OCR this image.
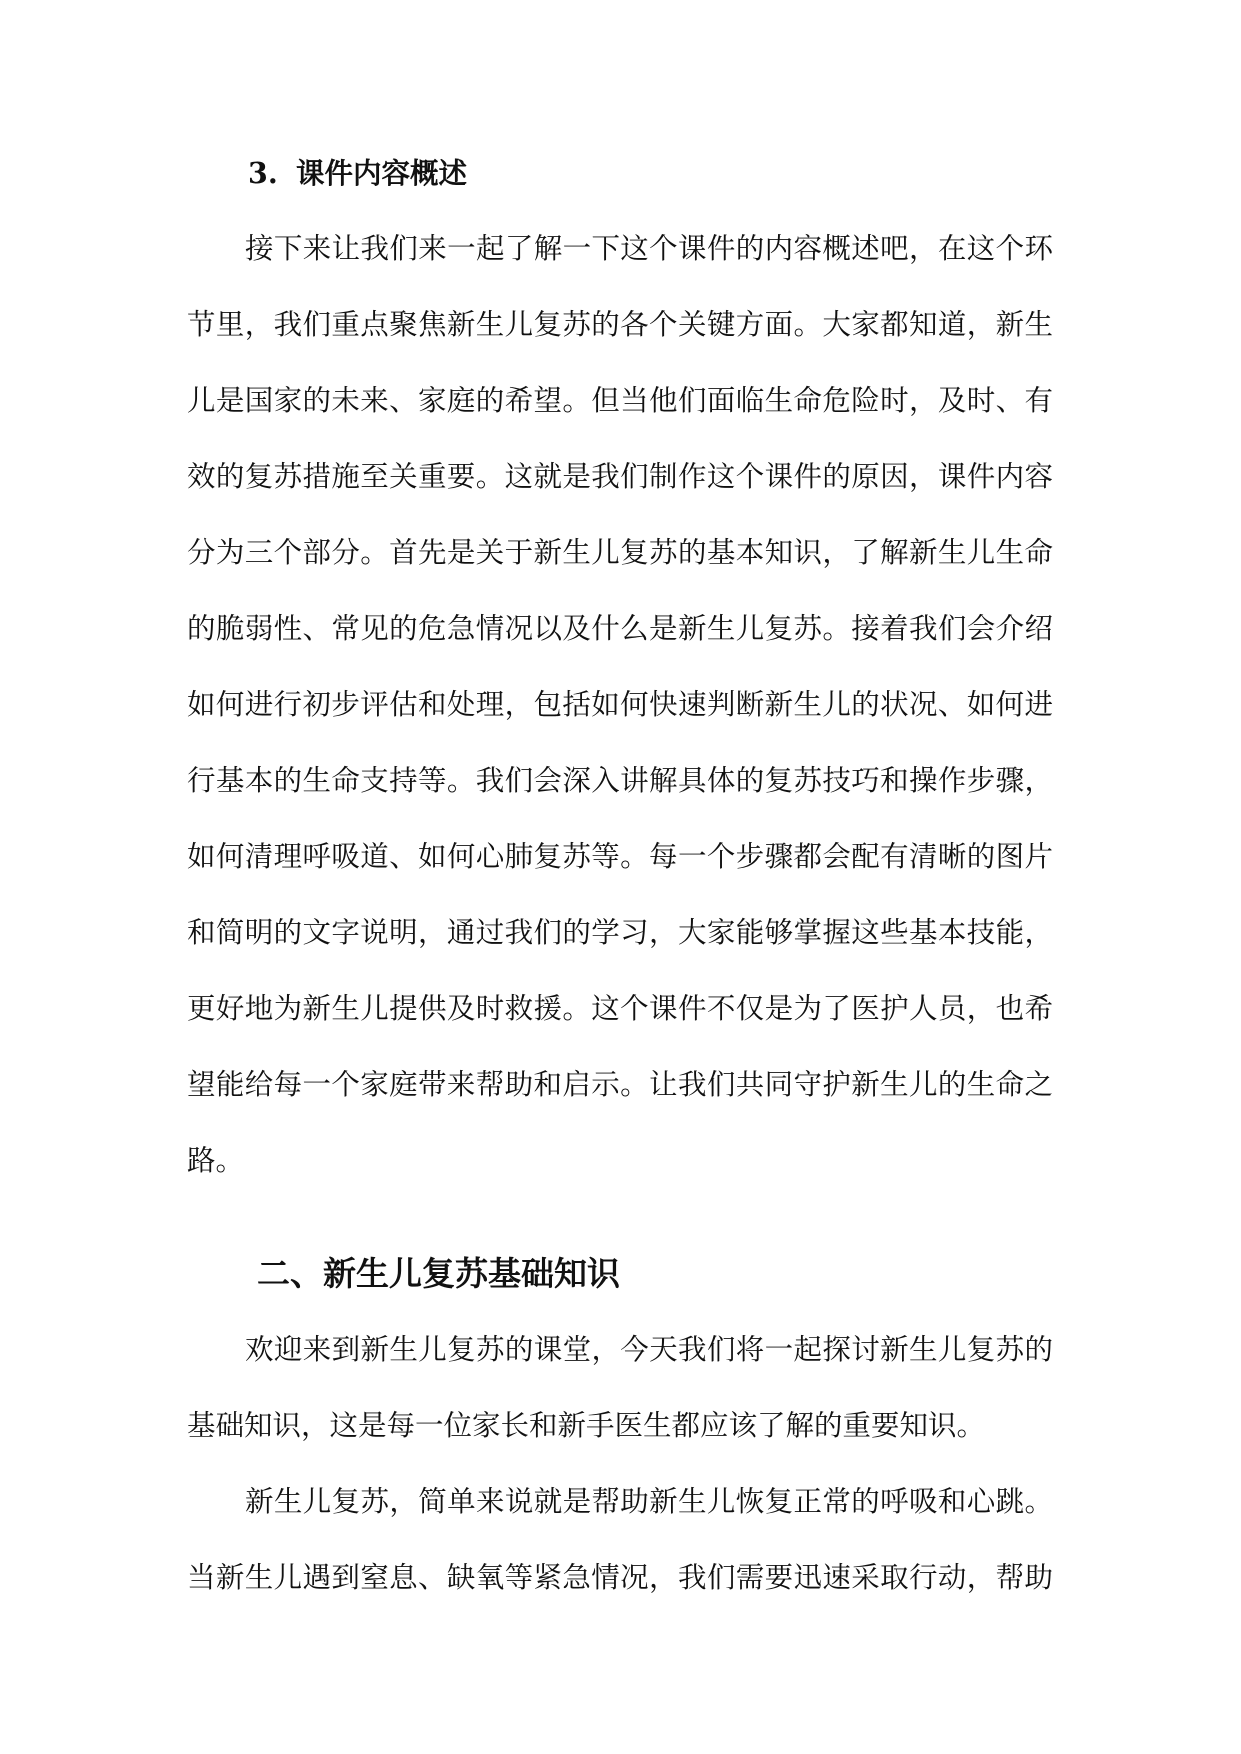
3. 课件内容概述
接下来让我们来一起了解一下这个课件的内容概述吧，在这个环
节里，我们重点聚焦新生儿复苏的各个关键方面。大家都知道，新生
儿是国家的未来、家庭的希望。但当他们面临生命危险时，及时、有
效的复苏措施至关重要。这就是我们制作这个课件的原因，课件内容
分为三个部分。首先是关于新生儿复苏的基本知识，了解新生儿生命
的脆弱性、常见的危急情况以及什么是新生儿复苏。接着我们会介绍
如何进行初步评估和处理，包括如何快速判断新生儿的状况、如何进
行基本的生命支持等。我们会深入讲解具体的复苏技巧和操作步骤，
如何清理呼吸道、如何心肺复苏等。每一个步骤都会配有清晰的图片
和简明的文字说明，通过我们的学习，大家能够掌握这些基本技能，
更好地为新生儿提供及时救援。这个课件不仅是为了医护人员，也希
望能给每一个家庭带来帮助和启示。让我们共同守护新生儿的生命之
路。
二、新生儿复苏基础知识
欢迎来到新生儿复苏的课堂，今天我们将一起探讨新生儿复苏的
基础知识，这是每一位家长和新手医生都应该了解的重要知识。
新生儿复苏，简单来说就是帮助新生儿恢复正常的呼吸和心跳。
当新生儿遇到窒息、缺氧等紧急情况，我们需要迅速采取行动，帮助
